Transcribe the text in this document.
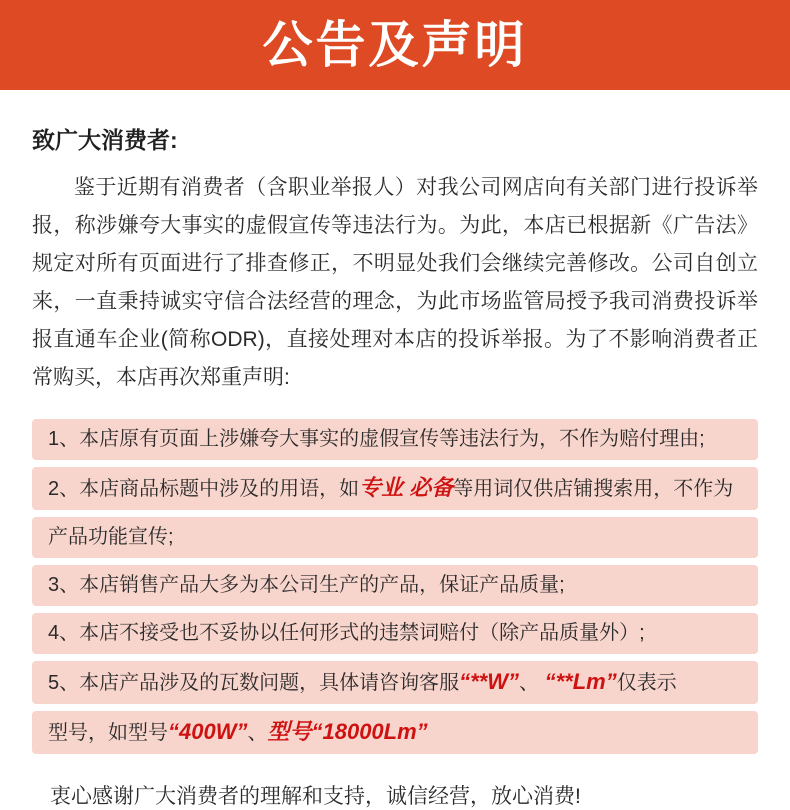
公告及声明

致广大消费者:

鉴于近期有消费者（含职业举报人）对我公司网店向有关部门进行投诉举报，称涉嫌夸大事实的虚假宣传等违法行为。为此，本店已根据新《广告法》规定对所有页面进行了排查修正，不明显处我们会继续完善修改。公司自创立来，一直秉持诚实守信合法经营的理念，为此市场监管局授予我司消费投诉举报直通车企业(简称ODR)，直接处理对本店的投诉举报。为了不影响消费者正常购买，本店再次郑重声明:

1、本店原有页面上涉嫌夸大事实的虚假宣传等违法行为，不作为赔付理由;
2、本店商品标题中涉及的用语，如专业 必备等用词仅供店铺搜索用，不作为
产品功能宣传;
3、本店销售产品大多为本公司生产的产品，保证产品质量;
4、本店不接受也不妥协以任何形式的违禁词赔付（除产品质量外）;
5、本店产品涉及的瓦数问题，具体请咨询客服“**W”、 “**Lm”仅表示
型号，如型号“400W”、型号“18000Lm”

衷心感谢广大消费者的理解和支持，诚信经营，放心消费!
